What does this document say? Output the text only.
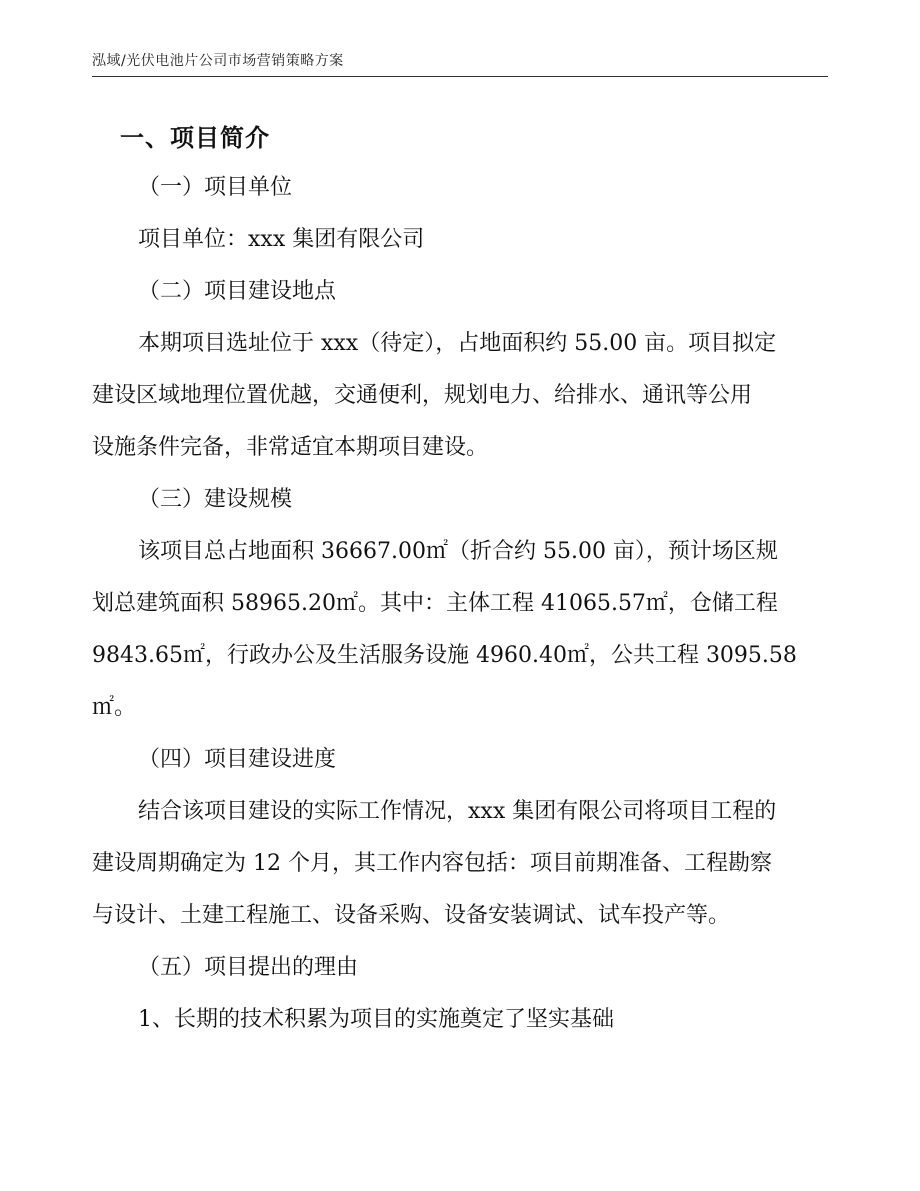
泓域/光伏电池片公司市场营销策略方案
一、项目简介
（一）项目单位
项目单位：xxx 集团有限公司
（二）项目建设地点
本期项目选址位于 xxx（待定），占地面积约 55.00 亩。项目拟定
建设区域地理位置优越，交通便利，规划电力、给排水、通讯等公用
设施条件完备，非常适宜本期项目建设。
（三）建设规模
该项目总占地面积 36667.00㎡（折合约 55.00 亩），预计场区规
划总建筑面积 58965.20㎡。其中：主体工程 41065.57㎡，仓储工程
9843.65㎡，行政办公及生活服务设施 4960.40㎡，公共工程 3095.58
㎡。
（四）项目建设进度
结合该项目建设的实际工作情况，xxx 集团有限公司将项目工程的
建设周期确定为 12 个月，其工作内容包括：项目前期准备、工程勘察
与设计、土建工程施工、设备采购、设备安装调试、试车投产等。
（五）项目提出的理由
1、长期的技术积累为项目的实施奠定了坚实基础
